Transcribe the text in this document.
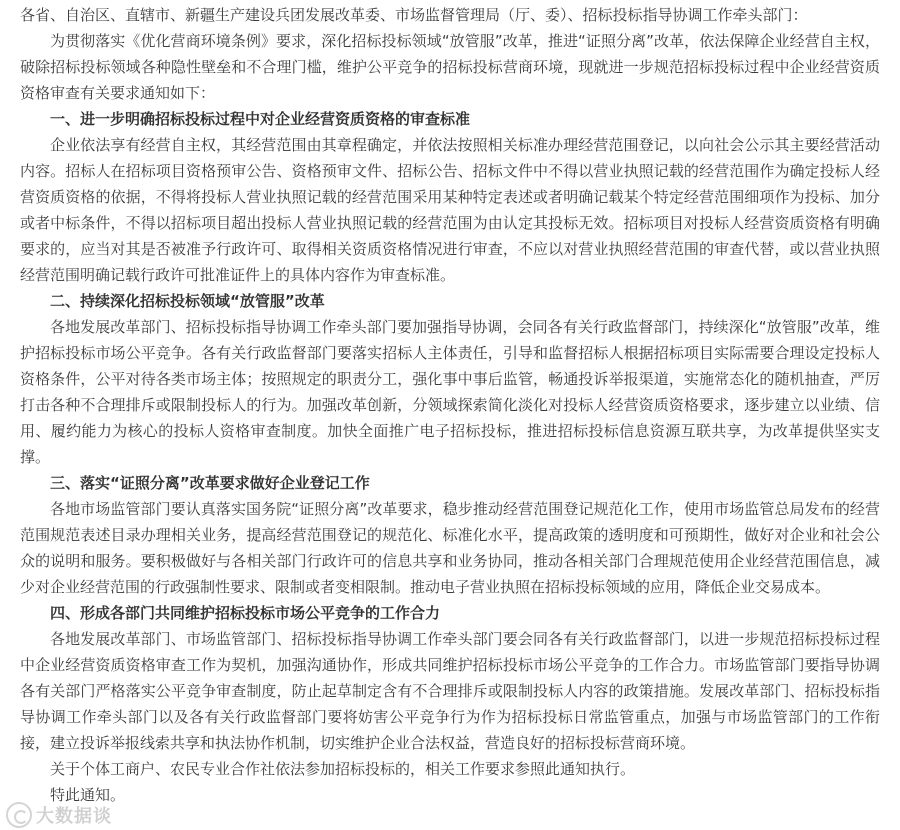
各省、自治区、直辖市、新疆生产建设兵团发展改革委、市场监督管理局（厅、委）、招标投标指导协调工作牵头部门：

为贯彻落实《优化营商环境条例》要求，深化招标投标领域“放管服”改革，推进“证照分离”改革，依法保障企业经营自主权，破除招标投标领域各种隐性壁垒和不合理门槛，维护公平竞争的招标投标营商环境，现就进一步规范招标投标过程中企业经营资质资格审查有关要求通知如下：

一、进一步明确招标投标过程中对企业经营资质资格的审查标准

企业依法享有经营自主权，其经营范围由其章程确定，并依法按照相关标准办理经营范围登记，以向社会公示其主要经营活动内容。招标人在招标项目资格预审公告、资格预审文件、招标公告、招标文件中不得以营业执照记载的经营范围作为确定投标人经营资质资格的依据，不得将投标人营业执照记载的经营范围采用某种特定表述或者明确记载某个特定经营范围细项作为投标、加分或者中标条件，不得以招标项目超出投标人营业执照记载的经营范围为由认定其投标无效。招标项目对投标人经营资质资格有明确要求的，应当对其是否被准予行政许可、取得相关资质资格情况进行审查，不应以对营业执照经营范围的审查代替，或以营业执照经营范围明确记载行政许可批准证件上的具体内容作为审查标准。

二、持续深化招标投标领域“放管服”改革

各地发展改革部门、招标投标指导协调工作牵头部门要加强指导协调，会同各有关行政监督部门，持续深化“放管服”改革，维护招标投标市场公平竞争。各有关行政监督部门要落实招标人主体责任，引导和监督招标人根据招标项目实际需要合理设定投标人资格条件，公平对待各类市场主体；按照规定的职责分工，强化事中事后监管，畅通投诉举报渠道，实施常态化的随机抽查，严厉打击各种不合理排斥或限制投标人的行为。加强改革创新，分领域探索简化淡化对投标人经营资质资格要求，逐步建立以业绩、信用、履约能力为核心的投标人资格审查制度。加快全面推广电子招标投标，推进招标投标信息资源互联共享，为改革提供坚实支撑。

三、落实“证照分离”改革要求做好企业登记工作

各地市场监管部门要认真落实国务院“证照分离”改革要求，稳步推动经营范围登记规范化工作，使用市场监管总局发布的经营范围规范表述目录办理相关业务，提高经营范围登记的规范化、标准化水平，提高政策的透明度和可预期性，做好对企业和社会公众的说明和服务。要积极做好与各相关部门行政许可的信息共享和业务协同，推动各相关部门合理规范使用企业经营范围信息，减少对企业经营范围的行政强制性要求、限制或者变相限制。推动电子营业执照在招标投标领域的应用，降低企业交易成本。

四、形成各部门共同维护招标投标市场公平竞争的工作合力

各地发展改革部门、市场监管部门、招标投标指导协调工作牵头部门要会同各有关行政监督部门，以进一步规范招标投标过程中企业经营资质资格审查工作为契机，加强沟通协作，形成共同维护招标投标市场公平竞争的工作合力。市场监管部门要指导协调各有关部门严格落实公平竞争审查制度，防止起草制定含有不合理排斥或限制投标人内容的政策措施。发展改革部门、招标投标指导协调工作牵头部门以及各有关行政监督部门要将妨害公平竞争行为作为招标投标日常监管重点，加强与市场监管部门的工作衔接，建立投诉举报线索共享和执法协作机制，切实维护企业合法权益，营造良好的招标投标营商环境。

关于个体工商户、农民专业合作社依法参加招标投标的，相关工作要求参照此通知执行。

特此通知。

大数据谈
